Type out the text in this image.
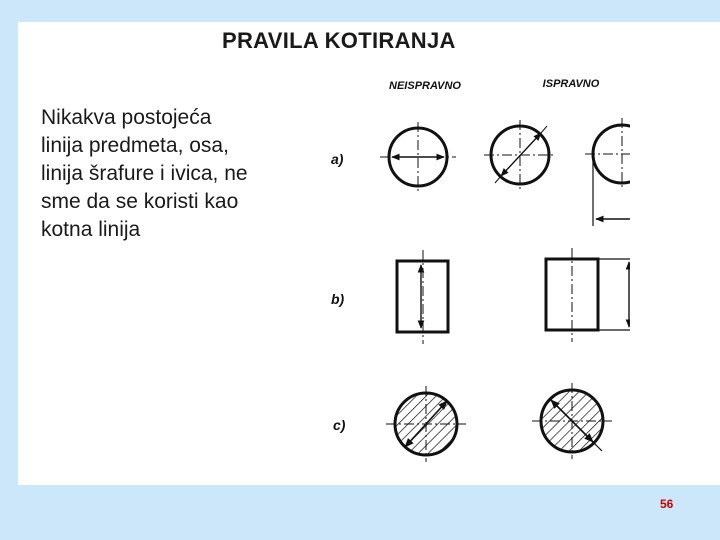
PRAVILA KOTIRANJA
Nikakva postojeća
linija predmeta, osa,
linija šrafure i ivica, ne
sme da se koristi kao
kotna linija
NEISPRAVNO	ISPRAVNO
a)
b)
c)
56
